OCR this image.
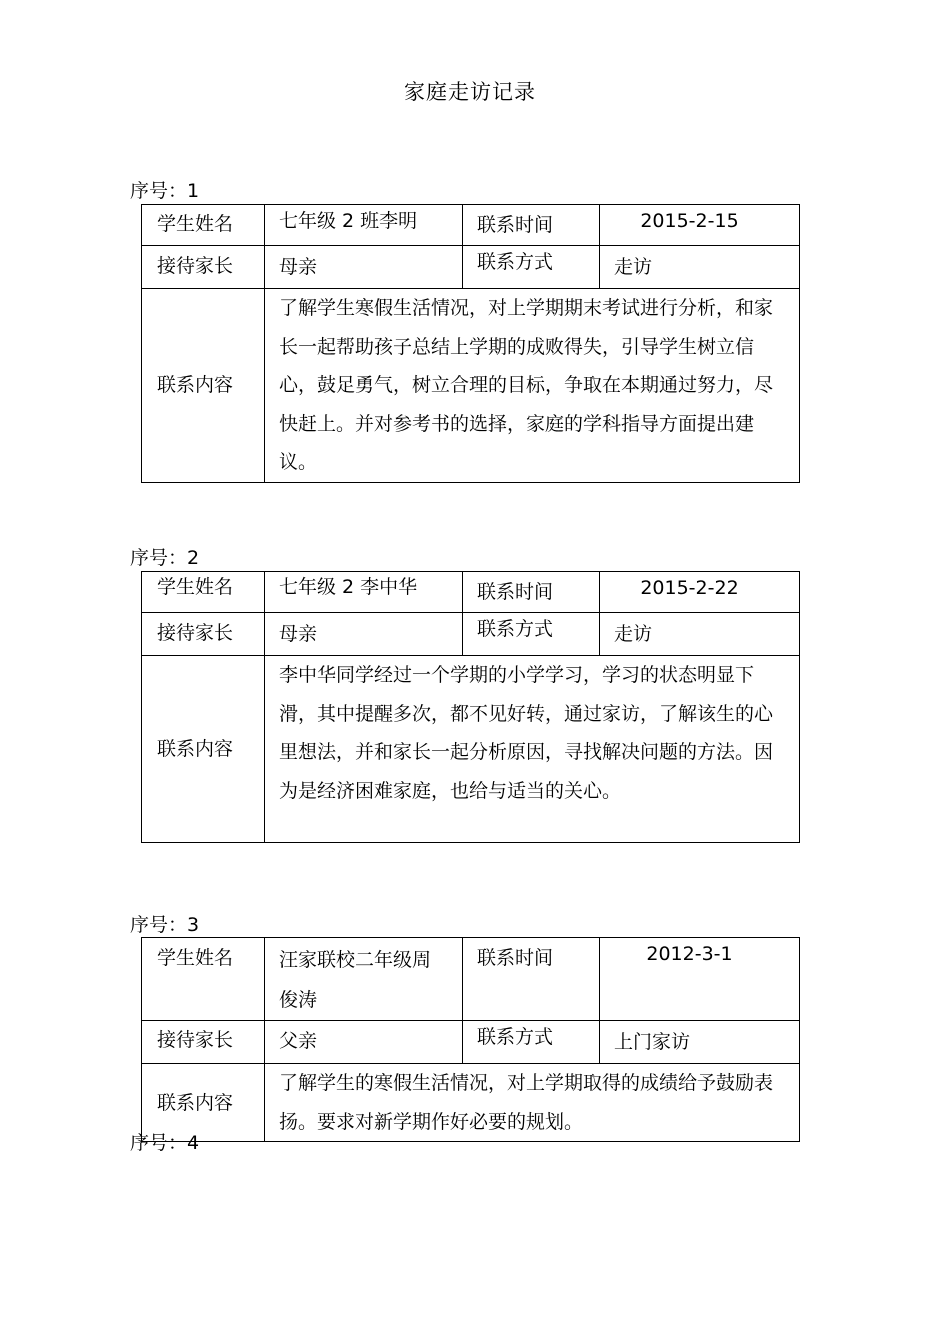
家庭走访记录
序号：1
学生姓名	七年级 2 班李明	联系时间	2015-2-15
接待家长	母亲	联系方式	走访
联系内容	了解学生寒假生活情况，对上学期期末考试进行分析，和家长一起帮助孩子总结上学期的成败得失，引导学生树立信心，鼓足勇气，树立合理的目标，争取在本期通过努力，尽快赶上。并对参考书的选择，家庭的学科指导方面提出建议。		
序号：2
学生姓名	七年级 2 李中华	联系时间	2015-2-22
接待家长	母亲	联系方式	走访
联系内容	李中华同学经过一个学期的小学学习，学习的状态明显下滑，其中提醒多次，都不见好转，通过家访，了解该生的心里想法，并和家长一起分析原因，寻找解决问题的方法。因为是经济困难家庭，也给与适当的关心。		
序号：3
学生姓名	汪家联校二年级周俊涛	联系时间	2012-3-1
接待家长	父亲	联系方式	上门家访
联系内容	了解学生的寒假生活情况，对上学期取得的成绩给予鼓励表扬。要求对新学期作好必要的规划。		
序号：4
